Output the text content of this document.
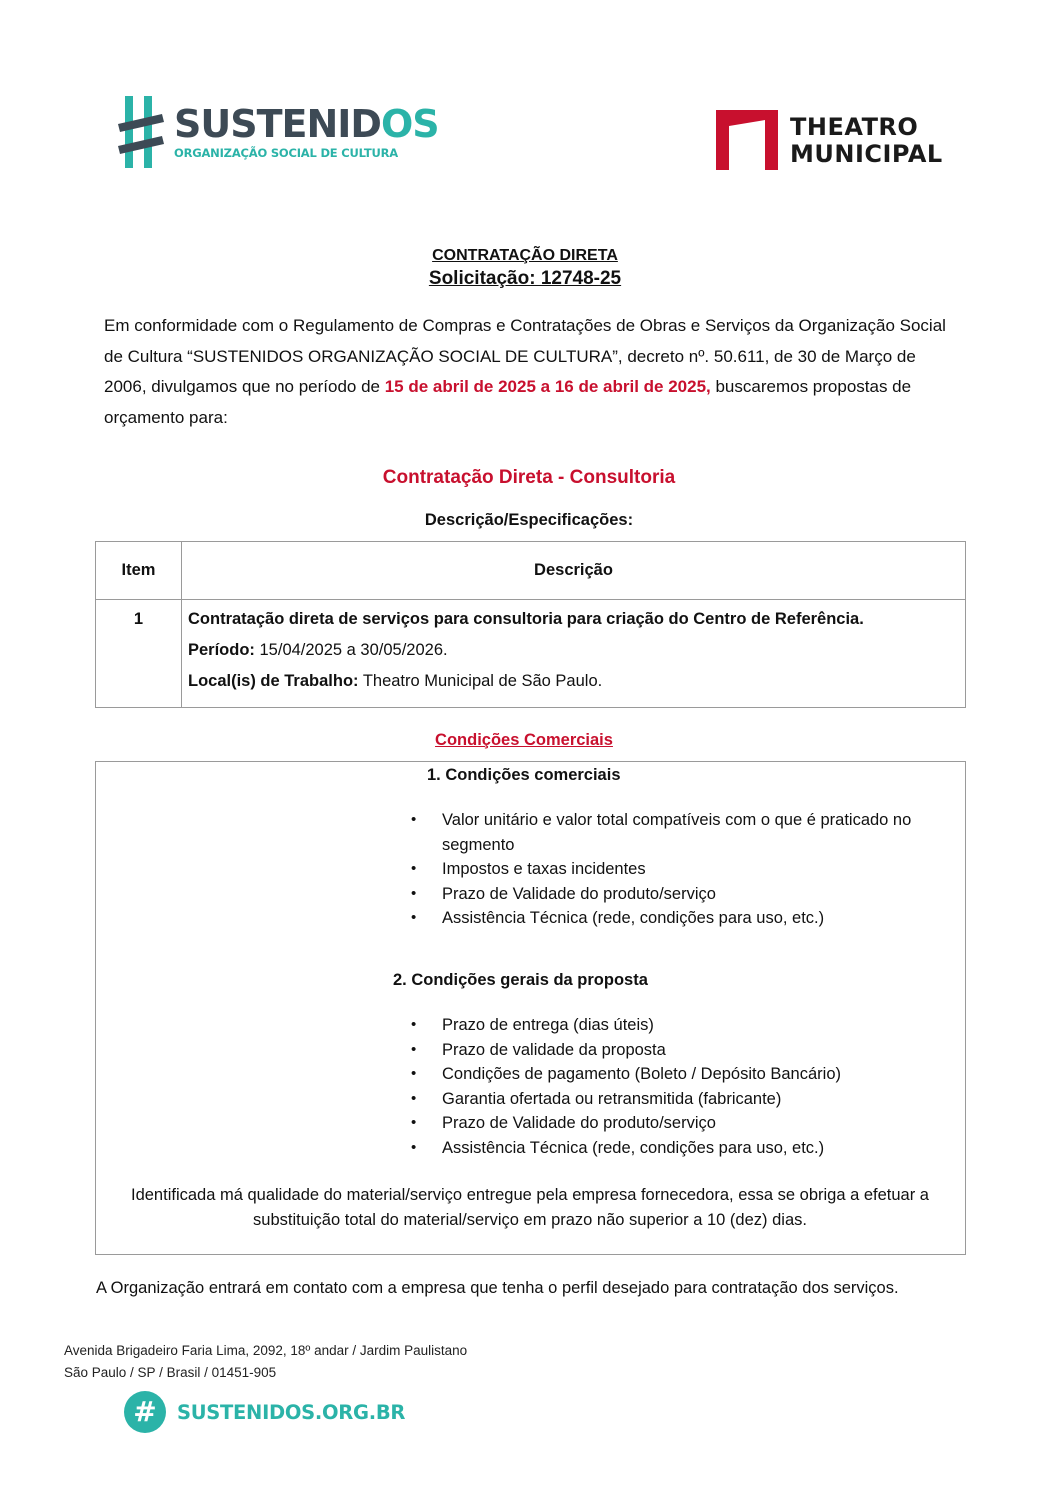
SUSTENIDOS
ORGANIZAÇÃO SOCIAL DE CULTURA
THEATRO
MUNICIPAL
CONTRATAÇÃO DIRETA
Solicitação: 12748-25
Em conformidade com o Regulamento de Compras e Contratações de Obras e Serviços da Organização Social de Cultura “SUSTENIDOS ORGANIZAÇÃO SOCIAL DE CULTURA”, decreto nº. 50.611, de 30 de Março de 2006, divulgamos que no período de 15 de abril de 2025 a 16 de abril de 2025, buscaremos propostas de orçamento para:
Contratação Direta - Consultoria
Descrição/Especificações:
Item	Descrição
1	Contratação direta de serviços para consultoria para criação do Centro de Referência.
Período: 15/04/2025 a 30/05/2026.
Local(is) de Trabalho: Theatro Municipal de São Paulo.
Condições Comerciais
1. Condições comerciais
• Valor unitário e valor total compatíveis com o que é praticado no segmento
• Impostos e taxas incidentes
• Prazo de Validade do produto/serviço
• Assistência Técnica (rede, condições para uso, etc.)
2. Condições gerais da proposta
• Prazo de entrega (dias úteis)
• Prazo de validade da proposta
• Condições de pagamento (Boleto / Depósito Bancário)
• Garantia ofertada ou retransmitida (fabricante)
• Prazo de Validade do produto/serviço
• Assistência Técnica (rede, condições para uso, etc.)
Identificada má qualidade do material/serviço entregue pela empresa fornecedora, essa se obriga a efetuar a substituição total do material/serviço em prazo não superior a 10 (dez) dias.
A Organização entrará em contato com a empresa que tenha o perfil desejado para contratação dos serviços.
Avenida Brigadeiro Faria Lima, 2092, 18º andar / Jardim Paulistano
São Paulo / SP / Brasil / 01451-905
#	SUSTENIDOS.ORG.BR
